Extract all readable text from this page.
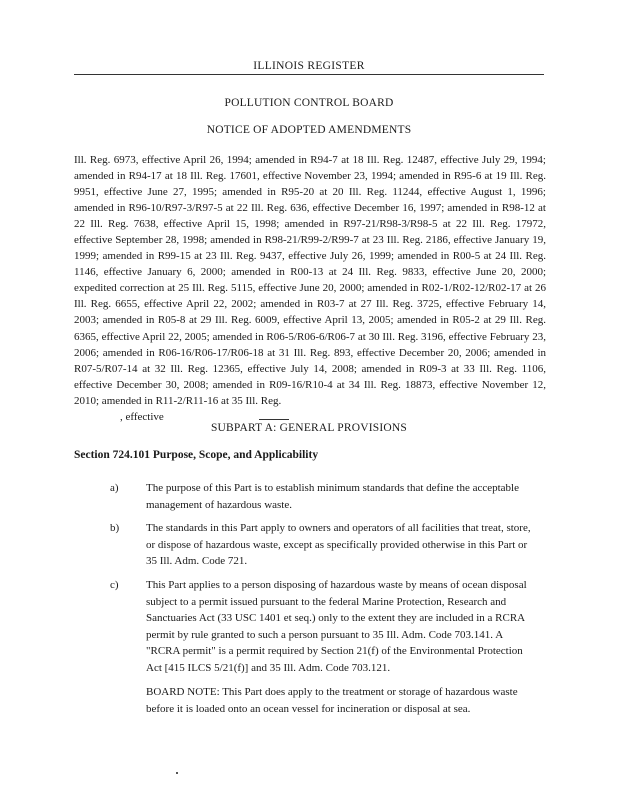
ILLINOIS REGISTER
POLLUTION CONTROL BOARD
NOTICE OF ADOPTED AMENDMENTS
Ill. Reg. 6973, effective April 26, 1994; amended in R94-7 at 18 Ill. Reg. 12487, effective July 29, 1994; amended in R94-17 at 18 Ill. Reg. 17601, effective November 23, 1994; amended in R95-6 at 19 Ill. Reg. 9951, effective June 27, 1995; amended in R95-20 at 20 Ill. Reg. 11244, effective August 1, 1996; amended in R96-10/R97-3/R97-5 at 22 Ill. Reg. 636, effective December 16, 1997; amended in R98-12 at 22 Ill. Reg. 7638, effective April 15, 1998; amended in R97-21/R98-3/R98-5 at 22 Ill. Reg. 17972, effective September 28, 1998; amended in R98-21/R99-2/R99-7 at 23 Ill. Reg. 2186, effective January 19, 1999; amended in R99-15 at 23 Ill. Reg. 9437, effective July 26, 1999; amended in R00-5 at 24 Ill. Reg. 1146, effective January 6, 2000; amended in R00-13 at 24 Ill. Reg. 9833, effective June 20, 2000; expedited correction at 25 Ill. Reg. 5115, effective June 20, 2000; amended in R02-1/R02-12/R02-17 at 26 Ill. Reg. 6655, effective April 22, 2002; amended in R03-7 at 27 Ill. Reg. 3725, effective February 14, 2003; amended in R05-8 at 29 Ill. Reg. 6009, effective April 13, 2005; amended in R05-2 at 29 Ill. Reg. 6365, effective April 22, 2005; amended in R06-5/R06-6/R06-7 at 30 Ill. Reg. 3196, effective February 23, 2006; amended in R06-16/R06-17/R06-18 at 31 Ill. Reg. 893, effective December 20, 2006; amended in R07-5/R07-14 at 32 Ill. Reg. 12365, effective July 14, 2008; amended in R09-3 at 33 Ill. Reg. 1106, effective December 30, 2008; amended in R09-16/R10-4 at 34 Ill. Reg. 18873, effective November 12, 2010; amended in R11-2/R11-16 at 35 Ill. Reg.
, effective
SUBPART A: GENERAL PROVISIONS
Section 724.101 Purpose, Scope, and Applicability
a) The purpose of this Part is to establish minimum standards that define the acceptable management of hazardous waste.
b) The standards in this Part apply to owners and operators of all facilities that treat, store, or dispose of hazardous waste, except as specifically provided otherwise in this Part or 35 Ill. Adm. Code 721.
c) This Part applies to a person disposing of hazardous waste by means of ocean disposal subject to a permit issued pursuant to the federal Marine Protection, Research and Sanctuaries Act (33 USC 1401 et seq.) only to the extent they are included in a RCRA permit by rule granted to such a person pursuant to 35 Ill. Adm. Code 703.141. A "RCRA permit" is a permit required by Section 21(f) of the Environmental Protection Act [415 ILCS 5/21(f)] and 35 Ill. Adm. Code 703.121.
BOARD NOTE: This Part does apply to the treatment or storage of hazardous waste before it is loaded onto an ocean vessel for incineration or disposal at sea.
